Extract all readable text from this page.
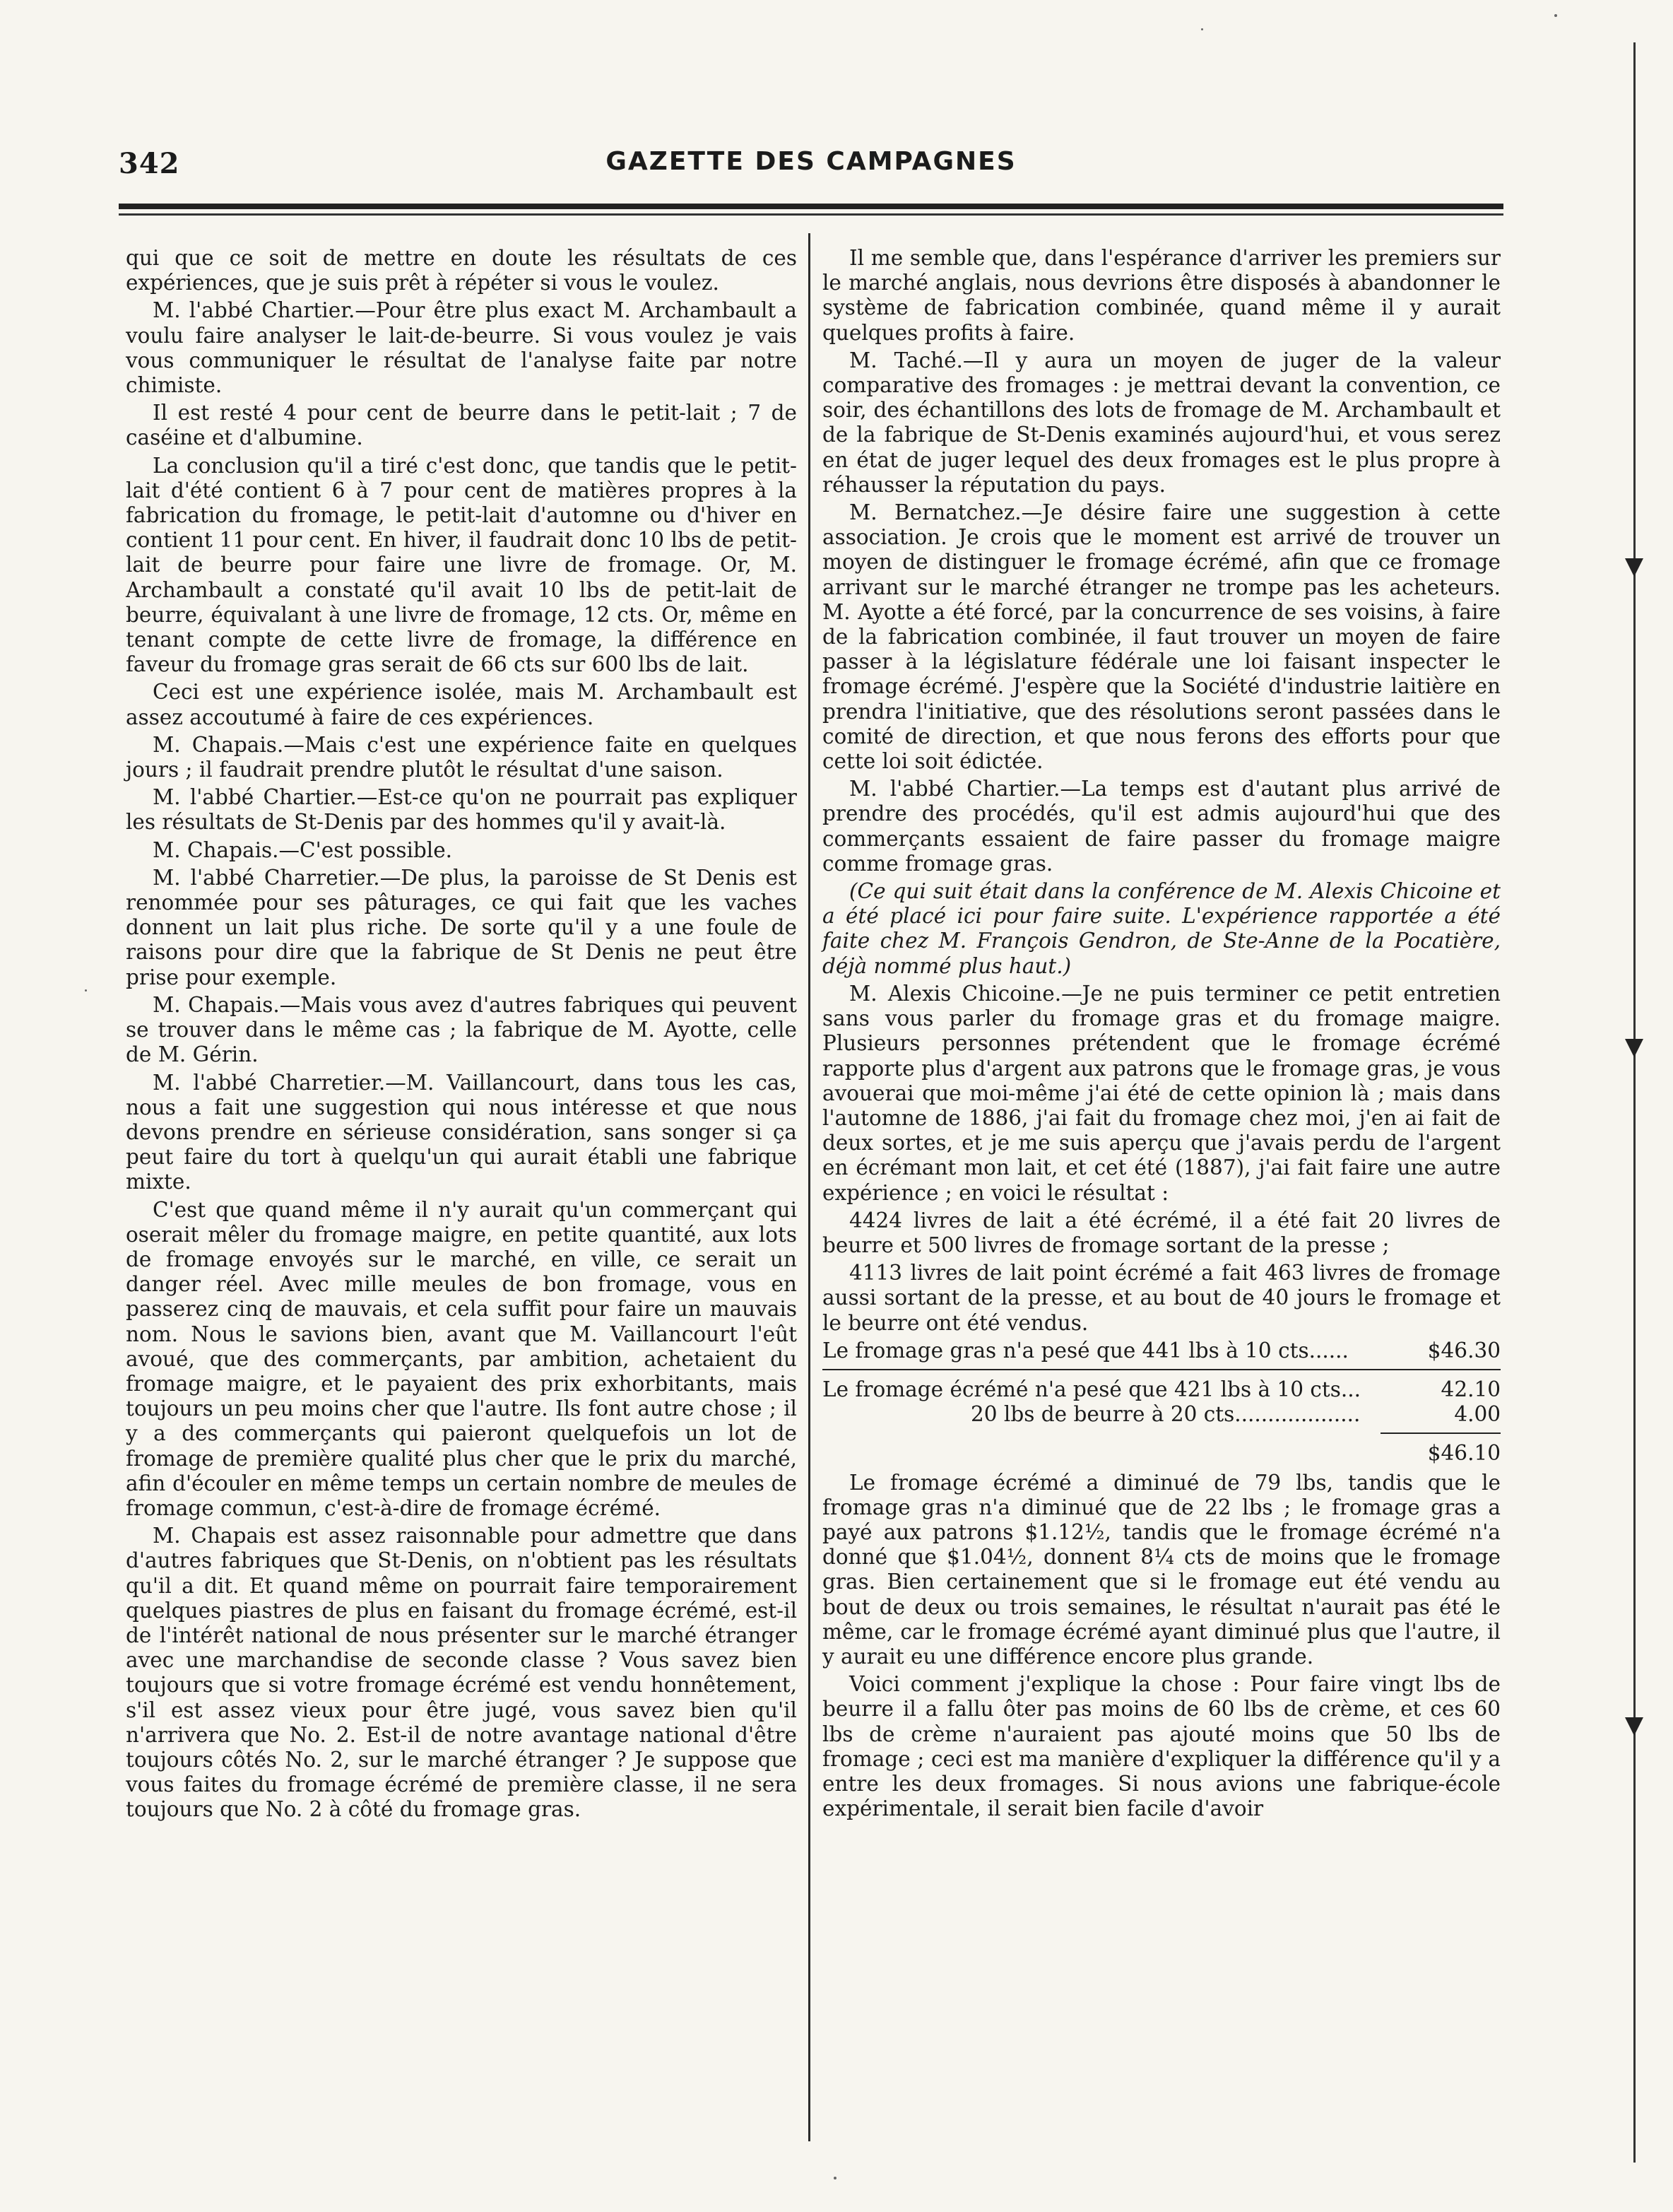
342	GAZETTE DES CAMPAGNES

qui que ce soit de mettre en doute les résultats de ces expériences, que je suis prêt à répéter si vous le voulez.

M. l'abbé Chartier.—Pour être plus exact M. Archambault a voulu faire analyser le lait-de-beurre. Si vous voulez je vais vous communiquer le résultat de l'analyse faite par notre chimiste.

Il est resté 4 pour cent de beurre dans le petit-lait ; 7 de caséine et d'albumine.

La conclusion qu'il a tiré c'est donc, que tandis que le petit-lait d'été contient 6 à 7 pour cent de matières propres à la fabrication du fromage, le petit-lait d'automne ou d'hiver en contient 11 pour cent. En hiver, il faudrait donc 10 lbs de petit-lait de beurre pour faire une livre de fromage. Or, M. Archambault a constaté qu'il avait 10 lbs de petit-lait de beurre, équivalant à une livre de fromage, 12 cts. Or, même en tenant compte de cette livre de fromage, la différence en faveur du fromage gras serait de 66 cts sur 600 lbs de lait.

Ceci est une expérience isolée, mais M. Archambault est assez accoutumé à faire de ces expériences.

M. Chapais.—Mais c'est une expérience faite en quelques jours ; il faudrait prendre plutôt le résultat d'une saison.

M. l'abbé Chartier.—Est-ce qu'on ne pourrait pas expliquer les résultats de St-Denis par des hommes qu'il y avait-là.

M. Chapais.—C'est possible.

M. l'abbé Charretier.—De plus, la paroisse de St Denis est renommée pour ses pâturages, ce qui fait que les vaches donnent un lait plus riche. De sorte qu'il y a une foule de raisons pour dire que la fabrique de St Denis ne peut être prise pour exemple.

M. Chapais.—Mais vous avez d'autres fabriques qui peuvent se trouver dans le même cas ; la fabrique de M. Ayotte, celle de M. Gérin.

M. l'abbé Charretier.—M. Vaillancourt, dans tous les cas, nous a fait une suggestion qui nous intéresse et que nous devons prendre en sérieuse considération, sans songer si ça peut faire du tort à quelqu'un qui aurait établi une fabrique mixte.

C'est que quand même il n'y aurait qu'un commerçant qui oserait mêler du fromage maigre, en petite quantité, aux lots de fromage envoyés sur le marché, en ville, ce serait un danger réel. Avec mille meules de bon fromage, vous en passerez cinq de mauvais, et cela suffit pour faire un mauvais nom. Nous le savions bien, avant que M. Vaillancourt l'eût avoué, que des commerçants, par ambition, achetaient du fromage maigre, et le payaient des prix exhorbitants, mais toujours un peu moins cher que l'autre. Ils font autre chose ; il y a des commerçants qui paieront quelquefois un lot de fromage de première qualité plus cher que le prix du marché, afin d'écouler en même temps un certain nombre de meules de fromage commun, c'est-à-dire de fromage écrémé.

M. Chapais est assez raisonnable pour admettre que dans d'autres fabriques que St-Denis, on n'obtient pas les résultats qu'il a dit. Et quand même on pourrait faire temporairement quelques piastres de plus en faisant du fromage écrémé, est-il de l'intérêt national de nous présenter sur le marché étranger avec une marchandise de seconde classe ? Vous savez bien toujours que si votre fromage écrémé est vendu honnêtement, s'il est assez vieux pour être jugé, vous savez bien qu'il n'arrivera que No. 2. Est-il de notre avantage national d'être toujours côtés No. 2, sur le marché étranger ? Je suppose que vous faites du fromage écrémé de première classe, il ne sera toujours que No. 2 à côté du fromage gras.

Il me semble que, dans l'espérance d'arriver les premiers sur le marché anglais, nous devrions être disposés à abandonner le système de fabrication combinée, quand même il y aurait quelques profits à faire.

M. Taché.—Il y aura un moyen de juger de la valeur comparative des fromages : je mettrai devant la convention, ce soir, des échantillons des lots de fromage de M. Archambault et de la fabrique de St-Denis examinés aujourd'hui, et vous serez en état de juger lequel des deux fromages est le plus propre à réhausser la réputation du pays.

M. Bernatchez.—Je désire faire une suggestion à cette association. Je crois que le moment est arrivé de trouver un moyen de distinguer le fromage écrémé, afin que ce fromage arrivant sur le marché étranger ne trompe pas les acheteurs. M. Ayotte a été forcé, par la concurrence de ses voisins, à faire de la fabrication combinée, il faut trouver un moyen de faire passer à la législature fédérale une loi faisant inspecter le fromage écrémé. J'espère que la Société d'industrie laitière en prendra l'initiative, que des résolutions seront passées dans le comité de direction, et que nous ferons des efforts pour que cette loi soit édictée.

M. l'abbé Chartier.—La temps est d'autant plus arrivé de prendre des procédés, qu'il est admis aujourd'hui que des commerçants essaient de faire passer du fromage maigre comme fromage gras.

(Ce qui suit était dans la conférence de M. Alexis Chicoine et a été placé ici pour faire suite. L'expérience rapportée a été faite chez M. François Gendron, de Ste-Anne de la Pocatière, déjà nommé plus haut.)

M. Alexis Chicoine.—Je ne puis terminer ce petit entretien sans vous parler du fromage gras et du fromage maigre. Plusieurs personnes prétendent que le fromage écrémé rapporte plus d'argent aux patrons que le fromage gras, je vous avouerai que moi-même j'ai été de cette opinion là ; mais dans l'automne de 1886, j'ai fait du fromage chez moi, j'en ai fait de deux sortes, et je me suis aperçu que j'avais perdu de l'argent en écrémant mon lait, et cet été (1887), j'ai fait faire une autre expérience ; en voici le résultat :

4424 livres de lait a été écrémé, il a été fait 20 livres de beurre et 500 livres de fromage sortant de la presse ;

4113 livres de lait point écrémé a fait 463 livres de fromage aussi sortant de la presse, et au bout de 40 jours le fromage et le beurre ont été vendus.

Le fromage gras n'a pesé que 441 lbs à 10 cts......	$46.30
Le fromage écrémé n'a pesé que 421 lbs à 10 cts...	42.10
20 lbs de beurre à 20 cts...................	4.00
$46.10

Le fromage écrémé a diminué de 79 lbs, tandis que le fromage gras n'a diminué que de 22 lbs ; le fromage gras a payé aux patrons $1.12½, tandis que le fromage écrémé n'a donné que $1.04½, donnent 8¼ cts de moins que le fromage gras. Bien certainement que si le fromage eut été vendu au bout de deux ou trois semaines, le résultat n'aurait pas été le même, car le fromage écrémé ayant diminué plus que l'autre, il y aurait eu une différence encore plus grande.

Voici comment j'explique la chose : Pour faire vingt lbs de beurre il a fallu ôter pas moins de 60 lbs de crème, et ces 60 lbs de crème n'auraient pas ajouté moins que 50 lbs de fromage ; ceci est ma manière d'expliquer la différence qu'il y a entre les deux fromages. Si nous avions une fabrique-école expérimentale, il serait bien facile d'avoir
